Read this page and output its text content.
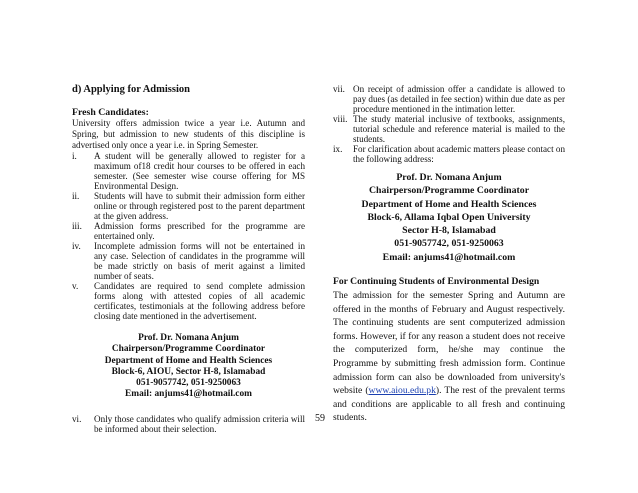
d) Applying for Admission
Fresh Candidates:

University offers admission twice a year i.e. Autumn and Spring, but admission to new students of this discipline is advertised only once a year i.e. in Spring Semester.

i.	A student will be generally allowed to register for a maximum of18 credit hour courses to be offered in each semester. (See semester wise course offering for MS Environmental Design.
ii.	Students will have to submit their admission form either online or through registered post to the parent department at the given address.
iii.	Admission forms prescribed for the programme are entertained only.
iv.	Incomplete admission forms will not be entertained in any case. Selection of candidates in the programme will be made strictly on basis of merit against a limited number of seats.
v.	Candidates are required to send complete admission forms along with attested copies of all academic certificates, testimonials at the following address before closing date mentioned in the advertisement.
Prof. Dr. Nomana Anjum
Chairperson/Programme Coordinator
Department of Home and Health Sciences
Block-6, AIOU, Sector H-8, Islamabad
051-9057742, 051-9250063
Email: anjums41@hotmail.com
vi.	Only those candidates who qualify admission criteria will be informed about their selection.
vii. On receipt of admission offer a candidate is allowed to pay dues (as detailed in fee section) within due date as per procedure mentioned in the intimation letter.
viii. The study material inclusive of textbooks, assignments, tutorial schedule and reference material is mailed to the students.
ix.	For clarification about academic matters please contact on the following address:
Prof. Dr. Nomana Anjum
Chairperson/Programme Coordinator
Department of Home and Health Sciences
Block-6, Allama Iqbal Open University
Sector H-8, Islamabad
051-9057742, 051-9250063
Email: anjums41@hotmail.com
For Continuing Students of Environmental Design
The admission for the semester Spring and Autumn are offered in the months of February and August respectively. The continuing students are sent computerized admission forms. However, if for any reason a student does not receive the computerized form, he/she may continue the Programme by submitting fresh admission form. Continue admission form can also be downloaded from university's website (www.aiou.edu.pk). The rest of the prevalent terms and conditions are applicable to all fresh and continuing students.
59
